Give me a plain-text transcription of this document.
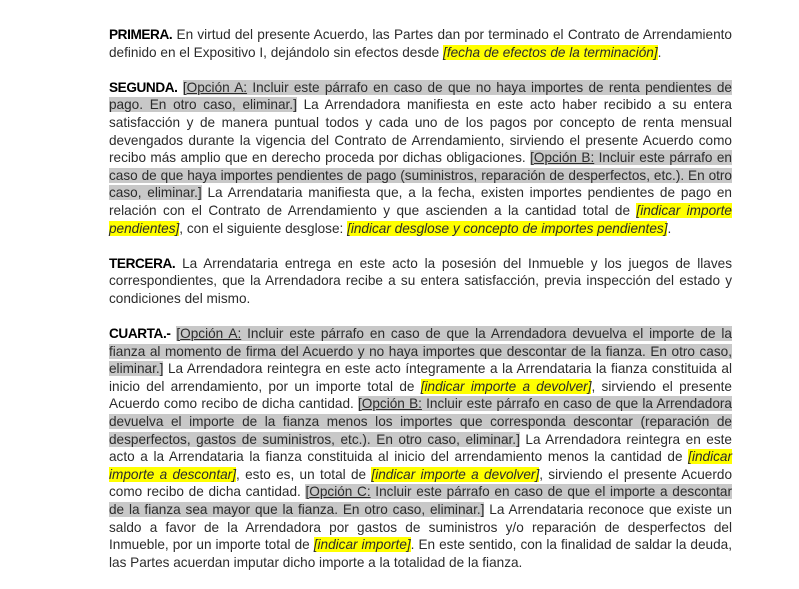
PRIMERA. En virtud del presente Acuerdo, las Partes dan por terminado el Contrato de Arrendamiento definido en el Expositivo I, dejándolo sin efectos desde [fecha de efectos de la terminación].

SEGUNDA. [Opción A: Incluir este párrafo en caso de que no haya importes de renta pendientes de pago. En otro caso, eliminar.] La Arrendadora manifiesta en este acto haber recibido a su entera satisfacción y de manera puntual todos y cada uno de los pagos por concepto de renta mensual devengados durante la vigencia del Contrato de Arrendamiento, sirviendo el presente Acuerdo como recibo más amplio que en derecho proceda por dichas obligaciones. [Opción B: Incluir este párrafo en caso de que haya importes pendientes de pago (suministros, reparación de desperfectos, etc.). En otro caso, eliminar.] La Arrendataria manifiesta que, a la fecha, existen importes pendientes de pago en relación con el Contrato de Arrendamiento y que ascienden a la cantidad total de [indicar importe pendientes], con el siguiente desglose: [indicar desglose y concepto de importes pendientes].

TERCERA. La Arrendataria entrega en este acto la posesión del Inmueble y los juegos de llaves correspondientes, que la Arrendadora recibe a su entera satisfacción, previa inspección del estado y condiciones del mismo.

CUARTA.- [Opción A: Incluir este párrafo en caso de que la Arrendadora devuelva el importe de la fianza al momento de firma del Acuerdo y no haya importes que descontar de la fianza. En otro caso, eliminar.] La Arrendadora reintegra en este acto íntegramente a la Arrendataria la fianza constituida al inicio del arrendamiento, por un importe total de [indicar importe a devolver], sirviendo el presente Acuerdo como recibo de dicha cantidad. [Opción B: Incluir este párrafo en caso de que la Arrendadora devuelva el importe de la fianza menos los importes que corresponda descontar (reparación de desperfectos, gastos de suministros, etc.). En otro caso, eliminar.] La Arrendadora reintegra en este acto a la Arrendataria la fianza constituida al inicio del arrendamiento menos la cantidad de [indicar importe a descontar], esto es, un total de [indicar importe a devolver], sirviendo el presente Acuerdo como recibo de dicha cantidad. [Opción C: Incluir este párrafo en caso de que el importe a descontar de la fianza sea mayor que la fianza. En otro caso, eliminar.] La Arrendataria reconoce que existe un saldo a favor de la Arrendadora por gastos de suministros y/o reparación de desperfectos del Inmueble, por un importe total de [indicar importe]. En este sentido, con la finalidad de saldar la deuda, las Partes acuerdan imputar dicho importe a la totalidad de la fianza.
